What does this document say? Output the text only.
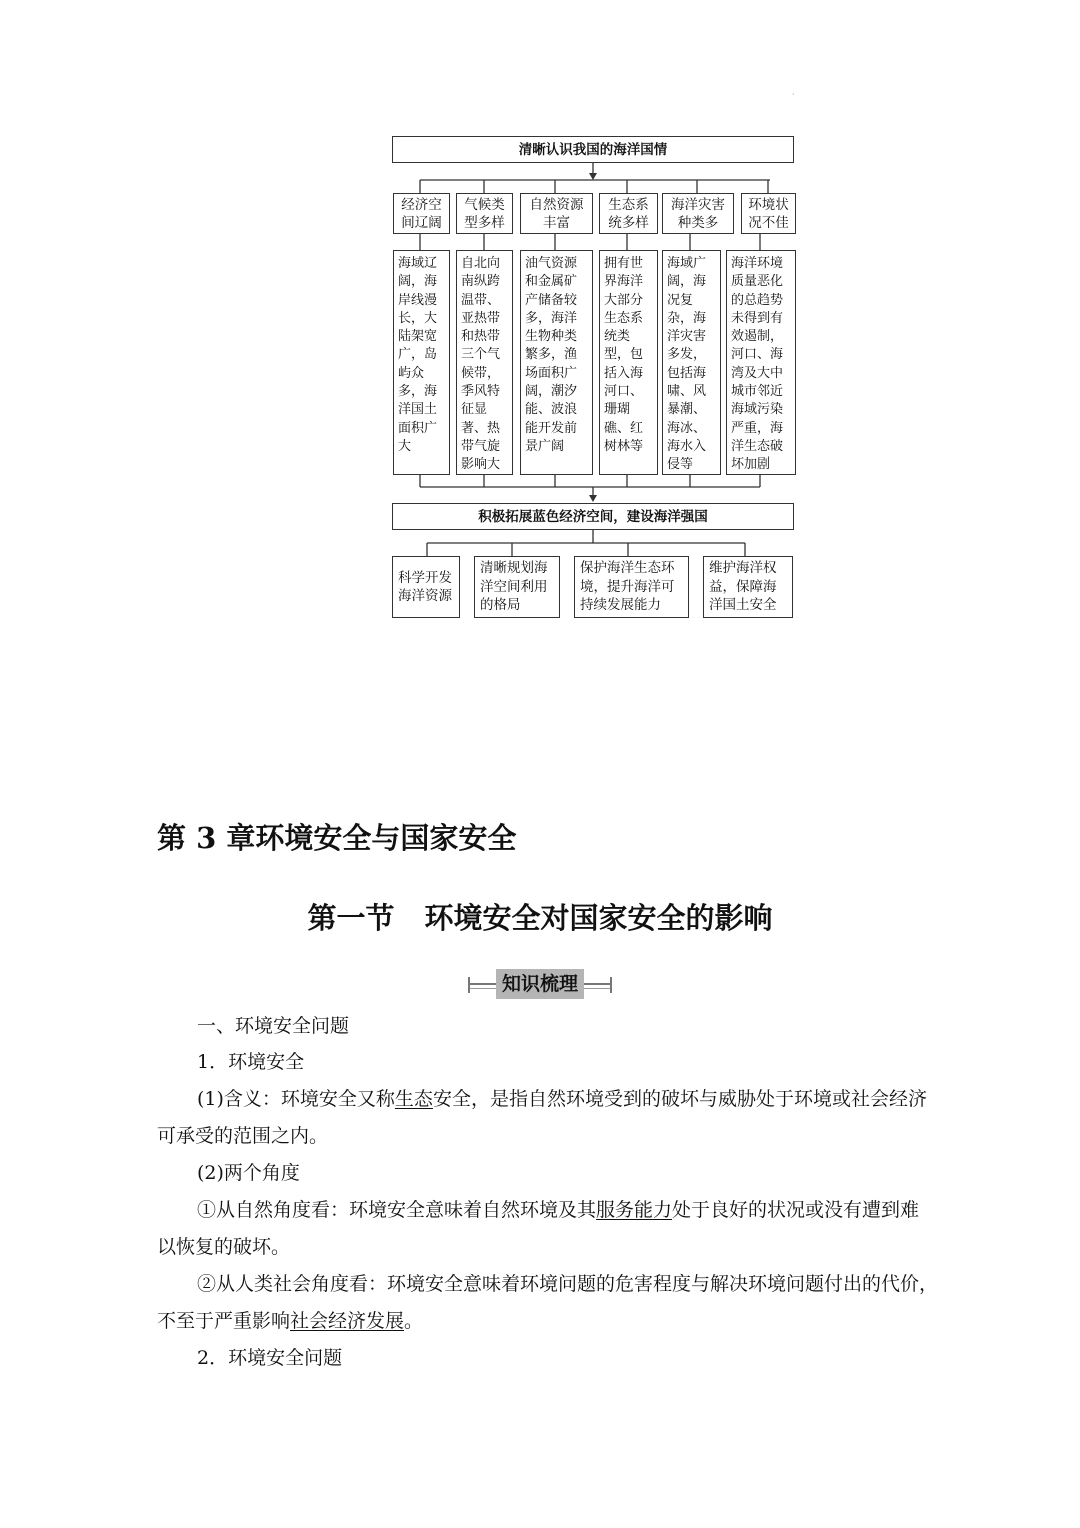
·
清晰认识我国的海洋国情
经济空间辽阔
气候类型多样
自然资源丰富
生态系统多样
海洋灾害种类多
环境状况不佳
海域辽阔，海岸线漫长，大陆架宽广，岛屿众多，海洋国土面积广大
自北向南纵跨温带、亚热带和热带三个气候带，季风特征显著、热带气旋影响大
油气资源和金属矿产储备较多，海洋生物种类繁多，渔场面积广阔，潮汐能、波浪能开发前景广阔
拥有世界海洋大部分生态系统类型，包括入海河口、珊瑚礁、红树林等
海域广阔，海况复杂，海洋灾害多发，包括海啸、风暴潮、海冰、海水入侵等
海洋环境质量恶化的总趋势未得到有效遏制，河口、海湾及大中城市邻近海域污染严重，海洋生态破坏加剧
积极拓展蓝色经济空间，建设海洋强国
科学开发海洋资源
清晰规划海洋空间利用的格局
保护海洋生态环境，提升海洋可持续发展能力
维护海洋权益，保障海洋国土安全
第 3 章环境安全与国家安全
第一节 环境安全对国家安全的影响
知识梳理
一、环境安全问题
1．环境安全
(1)含义：环境安全又称生态安全，是指自然环境受到的破坏与威胁处于环境或社会经济
可承受的范围之内。
(2)两个角度
①从自然角度看：环境安全意味着自然环境及其服务能力处于良好的状况或没有遭到难
以恢复的破坏。
②从人类社会角度看：环境安全意味着环境问题的危害程度与解决环境问题付出的代价，
不至于严重影响社会经济发展。
2．环境安全问题
